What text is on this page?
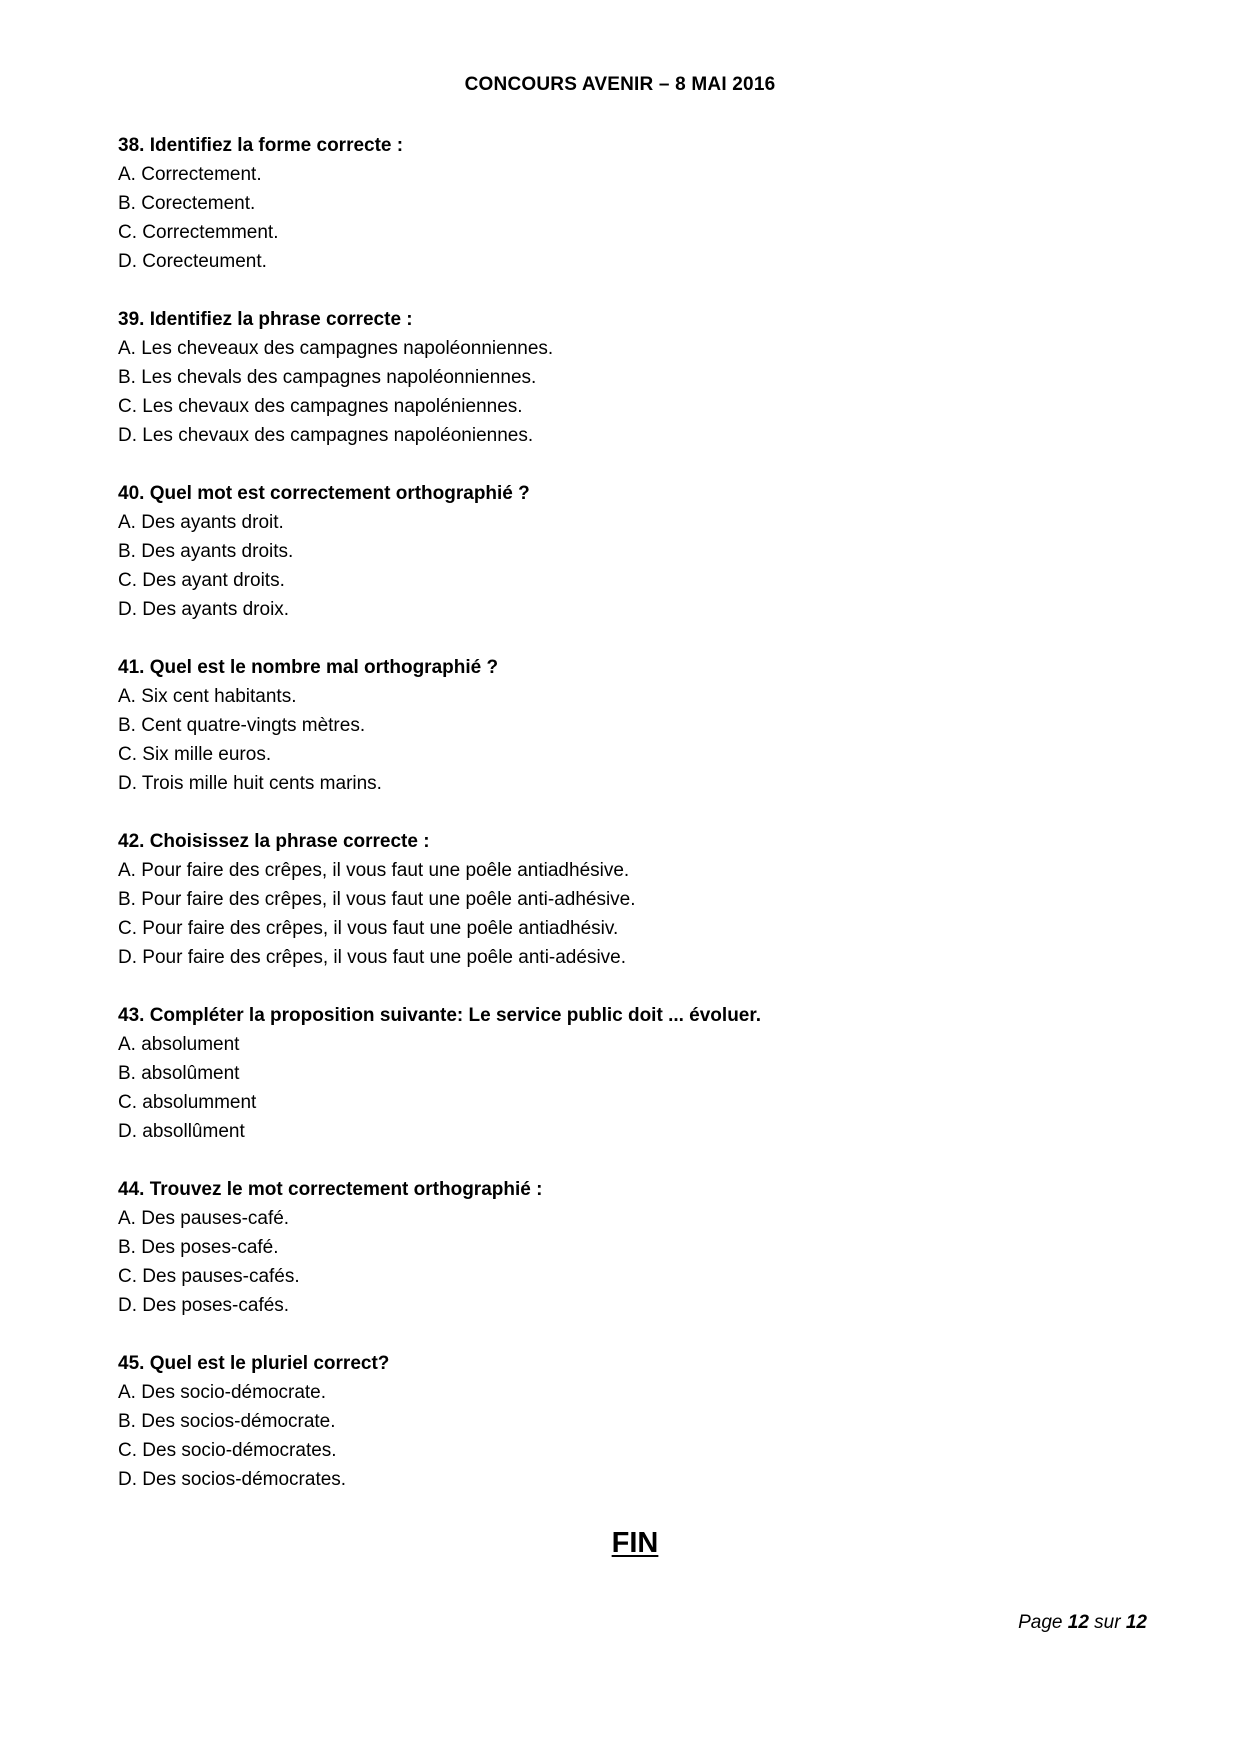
CONCOURS AVENIR – 8 MAI 2016
38. Identifiez la forme correcte :
A. Correctement.
B. Corectement.
C. Correctemment.
D. Corecteument.
39. Identifiez la phrase correcte :
A. Les cheveaux des campagnes napoléonniennes.
B. Les chevals des campagnes napoléonniennes.
C. Les chevaux des campagnes napoléniennes.
D. Les chevaux des campagnes napoléoniennes.
40. Quel mot est correctement orthographié ?
A. Des ayants droit.
B. Des ayants droits.
C. Des ayant droits.
D. Des ayants droix.
41. Quel est le nombre mal orthographié ?
A. Six cent habitants.
B. Cent quatre-vingts mètres.
C. Six mille euros.
D. Trois mille huit cents marins.
42. Choisissez la phrase correcte :
A. Pour faire des crêpes, il vous faut une poêle antiadhésive.
B. Pour faire des crêpes, il vous faut une poêle anti-adhésive.
C. Pour faire des crêpes, il vous faut une poêle antiadhésiv.
D. Pour faire des crêpes, il vous faut une poêle anti-adésive.
43. Compléter la proposition suivante: Le service public doit ... évoluer.
A. absolument
B. absolûment
C. absolumment
D. absollûment
44. Trouvez le mot correctement orthographié :
A. Des pauses-café.
B. Des poses-café.
C. Des pauses-cafés.
D. Des poses-cafés.
45. Quel est le pluriel correct?
A. Des socio-démocrate.
B. Des socios-démocrate.
C. Des socio-démocrates.
D. Des socios-démocrates.
FIN
Page 12 sur 12
